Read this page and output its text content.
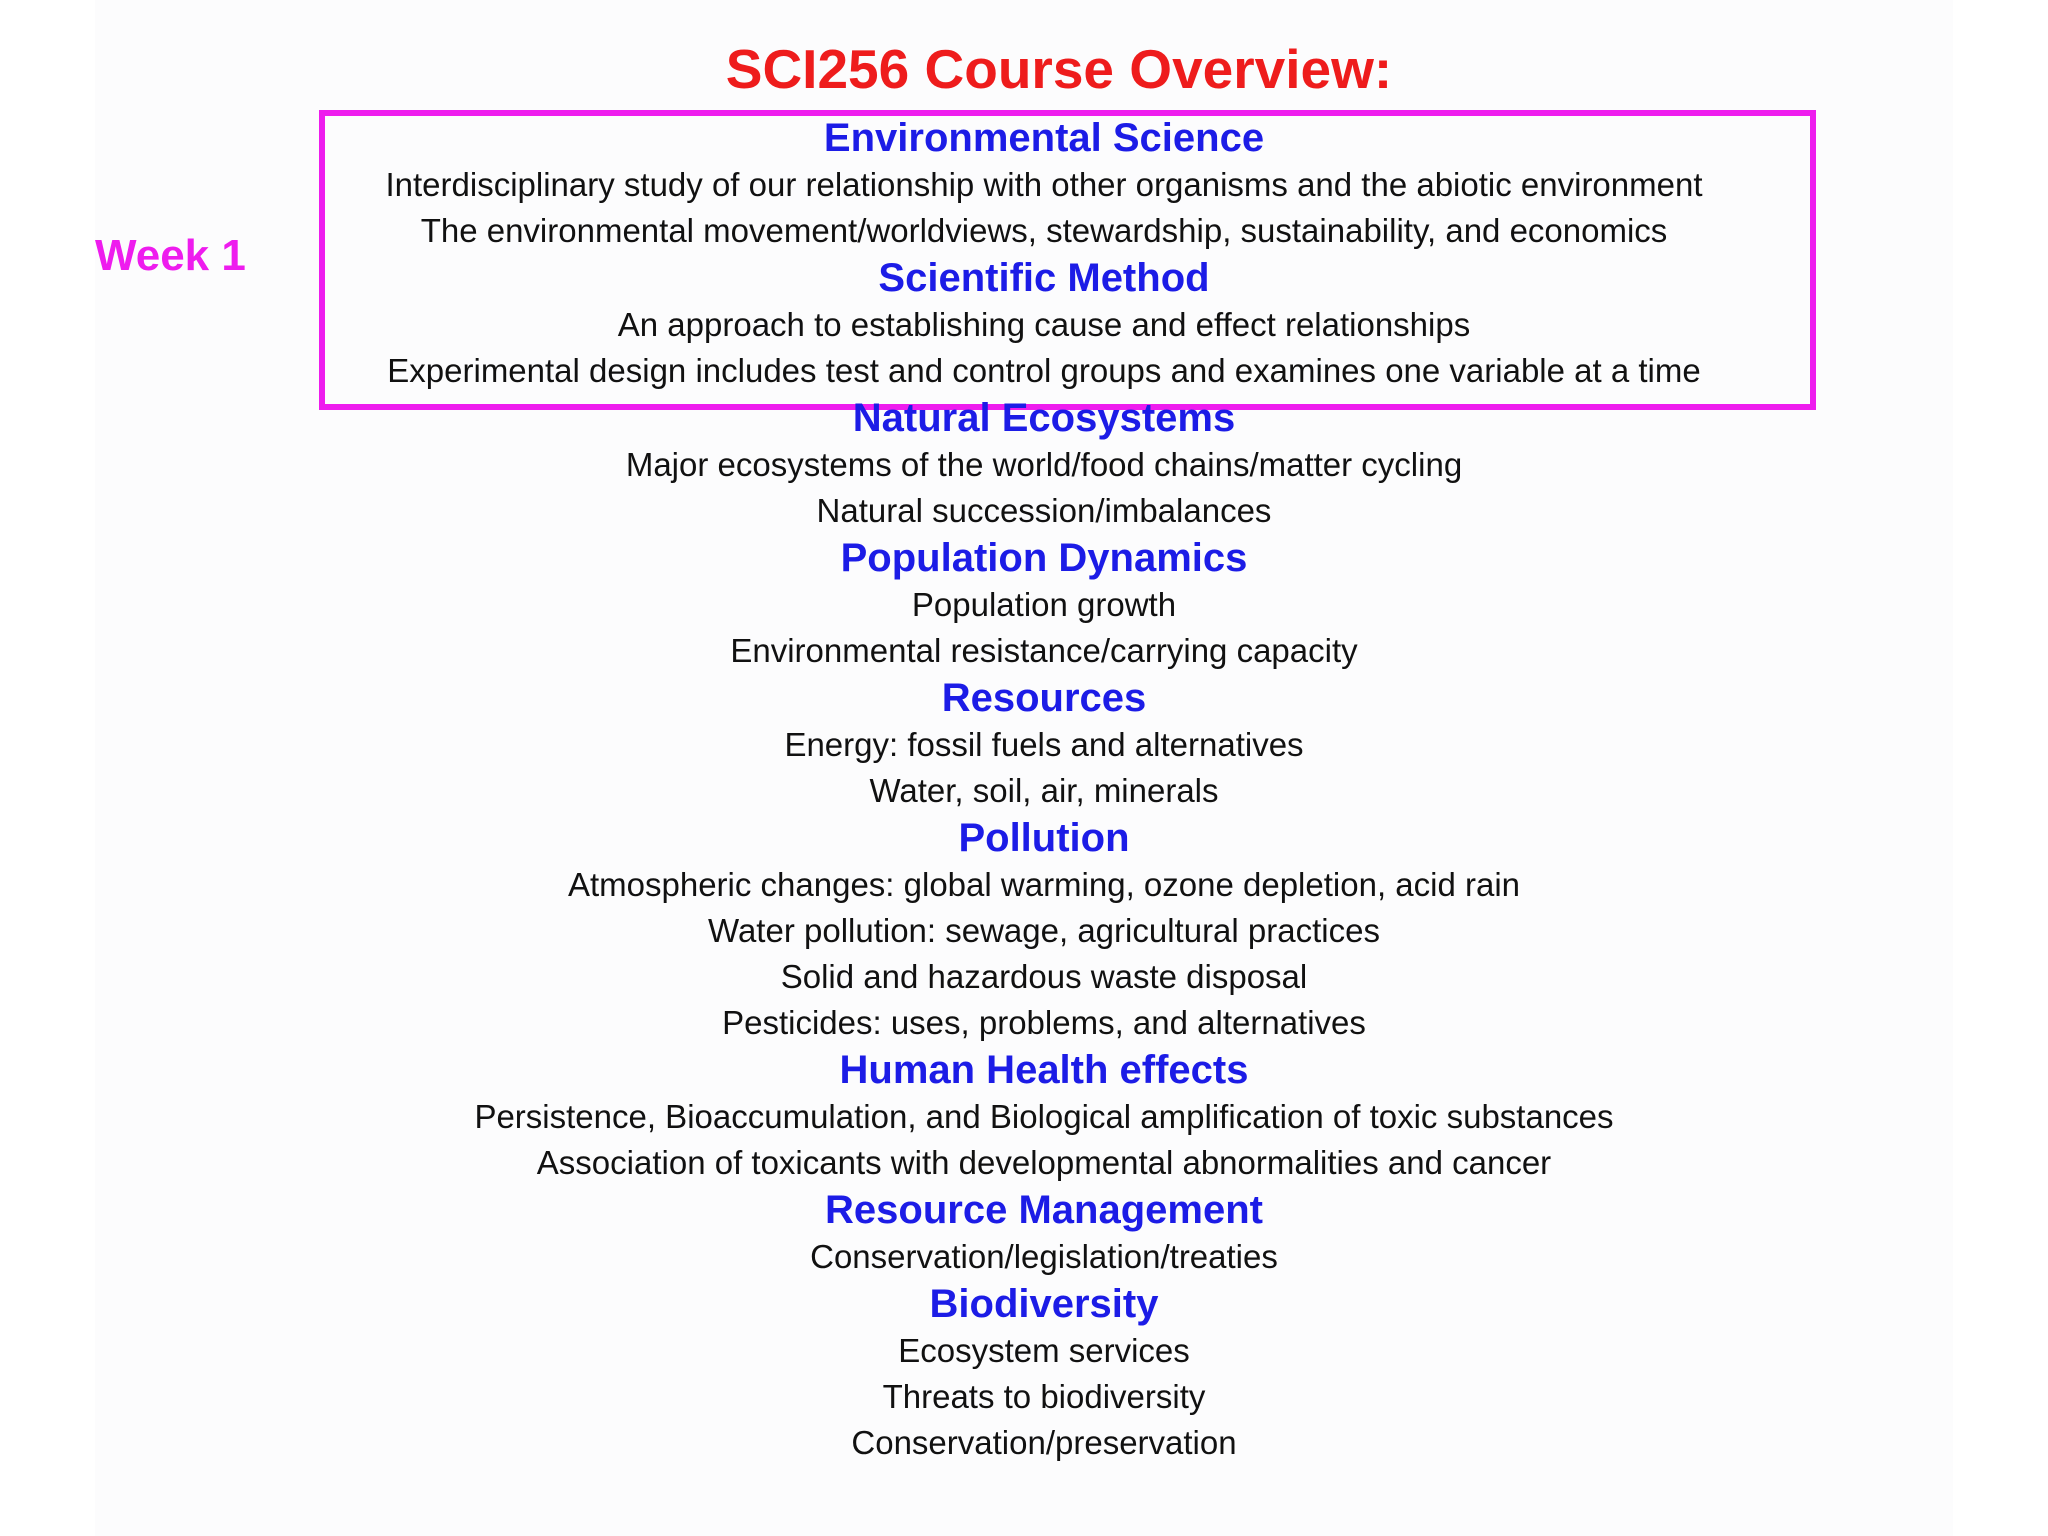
SCI256 Course Overview:
Week 1
Environmental Science
Interdisciplinary study of our relationship with other organisms and the abiotic environment
The environmental movement/worldviews, stewardship, sustainability, and economics
Scientific Method
An approach to establishing cause and effect relationships
Experimental design includes test and control groups and examines one variable at a time
Natural Ecosystems
Major ecosystems of the world/food chains/matter cycling
Natural succession/imbalances
Population Dynamics
Population growth
Environmental resistance/carrying capacity
Resources
Energy: fossil fuels and alternatives
Water, soil, air, minerals
Pollution
Atmospheric changes: global warming, ozone depletion, acid rain
Water pollution: sewage, agricultural practices
Solid and hazardous waste disposal
Pesticides: uses, problems, and alternatives
Human Health effects
Persistence, Bioaccumulation, and Biological amplification of toxic substances
Association of toxicants with developmental abnormalities and cancer
Resource Management
Conservation/legislation/treaties
Biodiversity
Ecosystem services
Threats to biodiversity
Conservation/preservation
